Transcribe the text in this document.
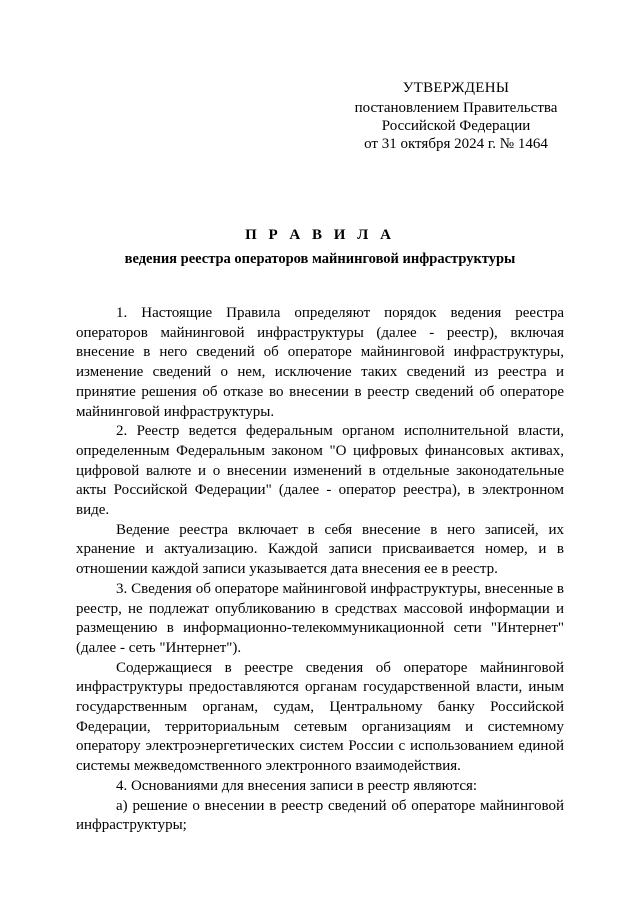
УТВЕРЖДЕНЫ
постановлением Правительства
Российской Федерации
от 31 октября 2024 г. № 1464
П Р А В И Л А
ведения реестра операторов майнинговой инфраструктуры

1. Настоящие Правила определяют порядок ведения реестра операторов майнинговой инфраструктуры (далее - реестр), включая внесение в него сведений об операторе майнинговой инфраструктуры, изменение сведений о нем, исключение таких сведений из реестра и принятие решения об отказе во внесении в реестр сведений об операторе майнинговой инфраструктуры.

2. Реестр ведется федеральным органом исполнительной власти, определенным Федеральным законом "О цифровых финансовых активах, цифровой валюте и о внесении изменений в отдельные законодательные акты Российской Федерации" (далее - оператор реестра), в электронном виде.

Ведение реестра включает в себя внесение в него записей, их хранение и актуализацию. Каждой записи присваивается номер, и в отношении каждой записи указывается дата внесения ее в реестр.

3. Сведения об операторе майнинговой инфраструктуры, внесенные в реестр, не подлежат опубликованию в средствах массовой информации и размещению в информационно-телекоммуникационной сети "Интернет" (далее - сеть "Интернет").

Содержащиеся в реестре сведения об операторе майнинговой инфраструктуры предоставляются органам государственной власти, иным государственным органам, судам, Центральному банку Российской Федерации, территориальным сетевым организациям и системному оператору электроэнергетических систем России с использованием единой системы межведомственного электронного взаимодействия.

4. Основаниями для внесения записи в реестр являются:

а) решение о внесении в реестр сведений об операторе майнинговой инфраструктуры;
